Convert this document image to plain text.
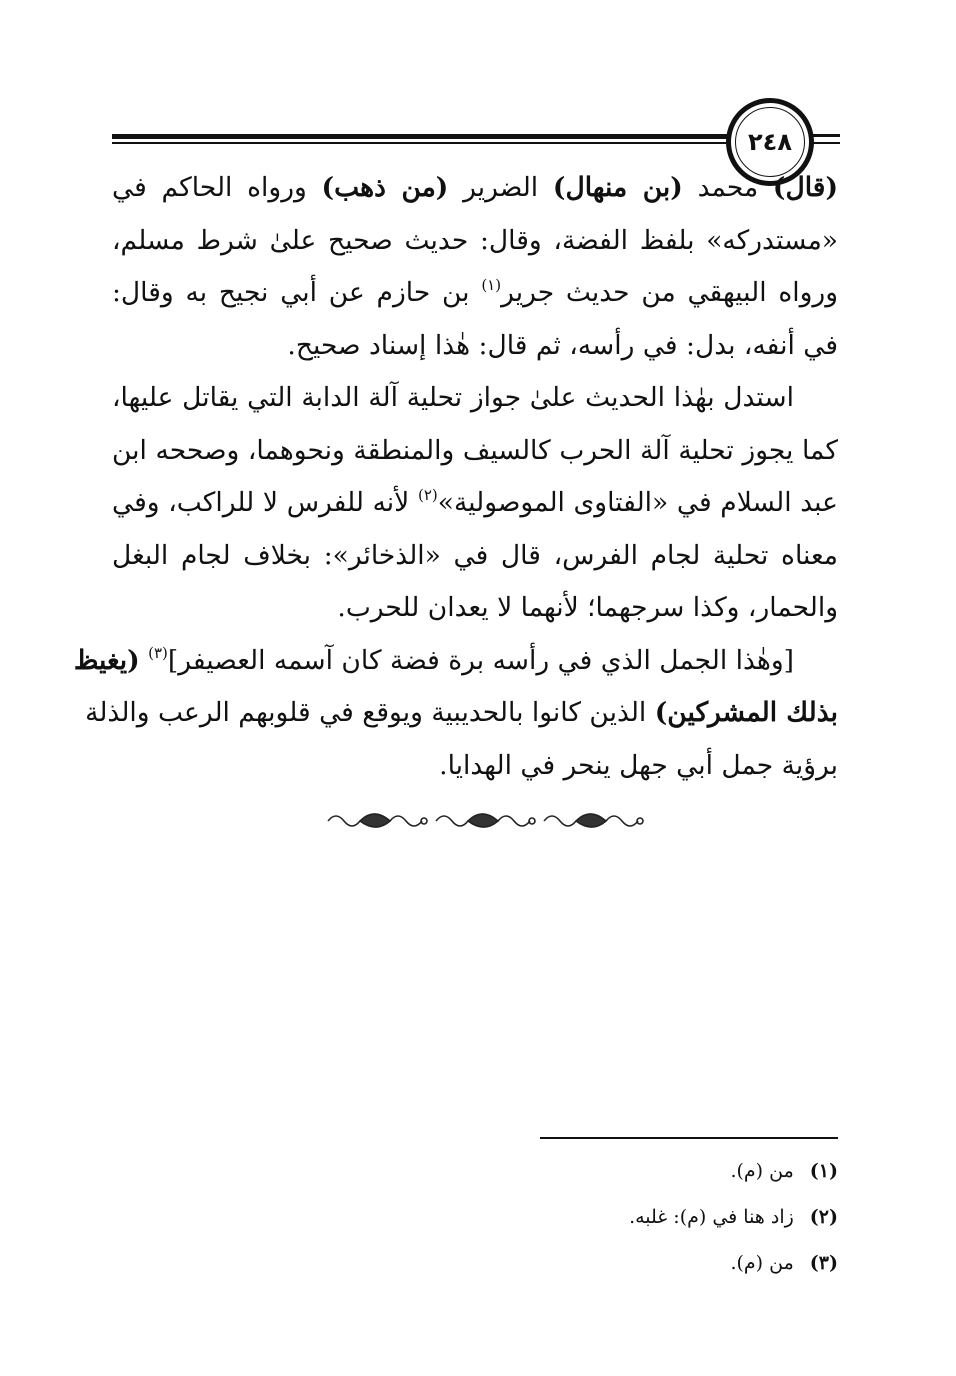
٢٤٨
(قال) محمد (بن منهال) الضرير (من ذهب) ورواه الحاكم في
«مستدركه» بلفظ الفضة، وقال: حديث صحيح علىٰ شرط مسلم،
ورواه البيهقي من حديث جرير$^{(١)}$ بن حازم عن أبي نجيح به وقال:
في أنفه، بدل: في رأسه، ثم قال: هٰذا إسناد صحيح.
استدل بهٰذا الحديث علىٰ جواز تحلية آلة الدابة التي يقاتل عليها،
كما يجوز تحلية آلة الحرب كالسيف والمنطقة ونحوهما، وصححه ابن
عبد السلام في «الفتاوى الموصولية»$^{(٢)}$ لأنه للفرس لا للراكب، وفي
معناه تحلية لجام الفرس، قال في «الذخائر»: بخلاف لجام البغل
والحمار، وكذا سرجهما؛ لأنهما لا يعدان للحرب.
[وهٰذا الجمل الذي في رأسه برة فضة كان آسمه العصيفر]$^{(٣)}$ (يغيظ
بذلك المشركين) الذين كانوا بالحديبية ويوقع في قلوبهم الرعب والذلة
برؤية جمل أبي جهل ينحر في الهدايا.
(١)من (م).
(٢)زاد هنا في (م): غلبه.
(٣)من (م).
